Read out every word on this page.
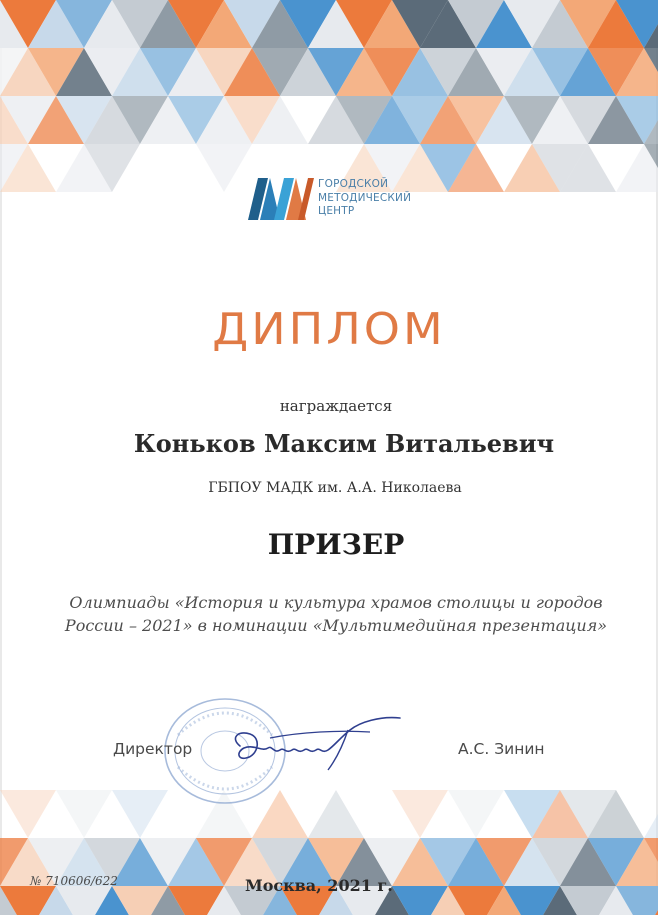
ГОРОДСКОЙ
МЕТОДИЧЕСКИЙ
ЦЕНТР
ДИПЛОМ
награждается
Коньков Максим Витальевич
ГБПОУ МАДК им. А.А. Николаева
ПРИЗЕР
Олимпиады «История и культура храмов столицы и городов России – 2021» в номинации «Мультимедийная презентация»
Директор	А.С. Зинин
№ 710606/622	Москва, 2021 г.
